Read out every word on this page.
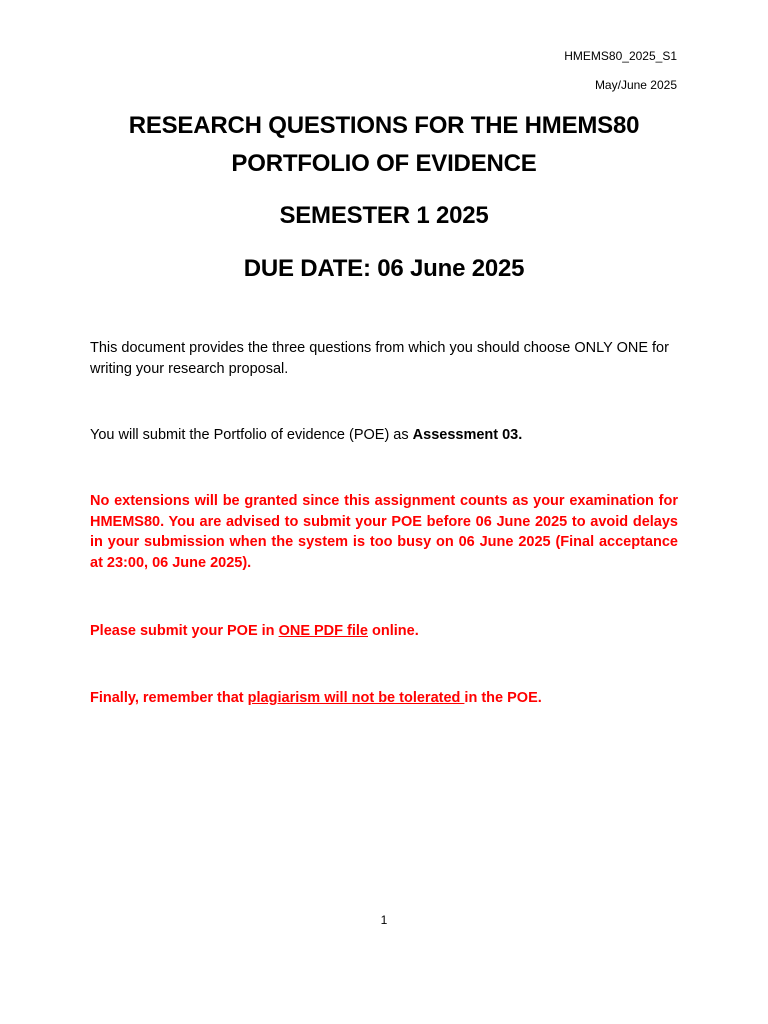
HMEMS80_2025_S1
May/June 2025
RESEARCH QUESTIONS FOR THE HMEMS80
PORTFOLIO OF EVIDENCE
SEMESTER 1 2025
DUE DATE: 06 June 2025
This document provides the three questions from which you should choose ONLY ONE for writing your research proposal.
You will submit the Portfolio of evidence (POE) as Assessment 03.
No extensions will be granted since this assignment counts as your examination for HMEMS80. You are advised to submit your POE before 06 June 2025 to avoid delays in your submission when the system is too busy on 06 June 2025 (Final acceptance at 23:00, 06 June 2025).
Please submit your POE in ONE PDF file online.
Finally, remember that plagiarism will not be tolerated in the POE.
1
